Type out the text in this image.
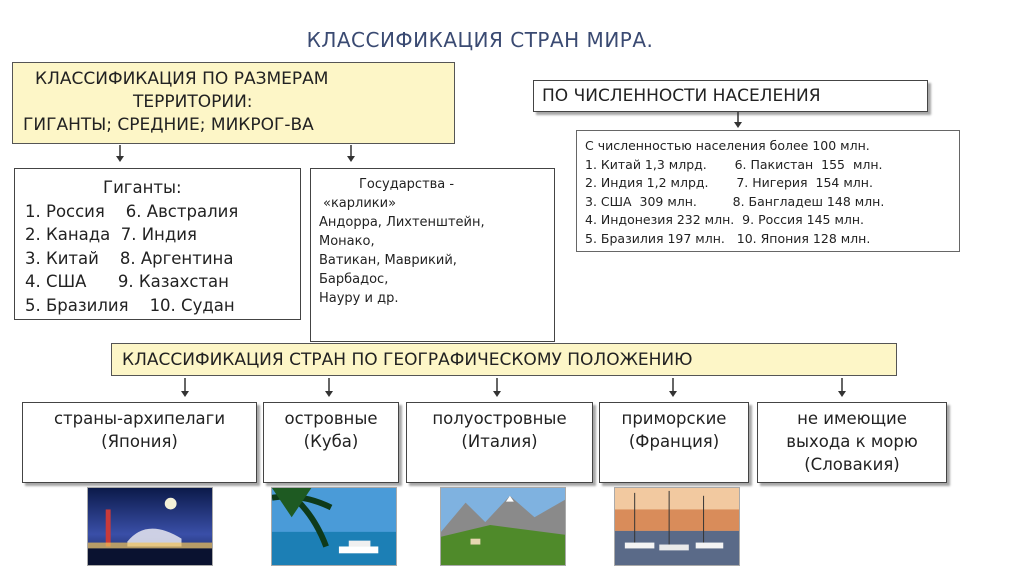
КЛАССИФИКАЦИЯ СТРАН МИРА.
КЛАССИФИКАЦИЯ ПО РАЗМЕРАМ
ТЕРРИТОРИИ:
ГИГАНТЫ; СРЕДНИЕ; МИКРОГ-ВА
ПО ЧИСЛЕННОСТИ НАСЕЛЕНИЯ
Гиганты:
1. Россия    6. Австралия
2. Канада  7. Индия
3. Китай    8. Аргентина
4. США      9. Казахстан
5. Бразилия    10. Судан
Государства -
«карлики»
Андорра, Лихтенштейн,
Монако,
Ватикан, Маврикий,
Барбадос,
Науру и др.
С численностью населения более 100 млн.
1. Китай 1,3 млрд.       6. Пакистан  155  млн.
2. Индия 1,2 млрд.       7. Нигерия  154 млн.
3. США  309 млн.         8. Бангладеш 148 млн.
4. Индонезия 232 млн.  9. Россия 145 млн.
5. Бразилия 197 млн.   10. Япония 128 млн.
КЛАССИФИКАЦИЯ СТРАН ПО ГЕОГРАФИЧЕСКОМУ ПОЛОЖЕНИЮ
страны-архипелаги
(Япония)
островные
(Куба)
полуостровные
(Италия)
приморские
(Франция)
не имеющие
выхода к морю
(Словакия)
